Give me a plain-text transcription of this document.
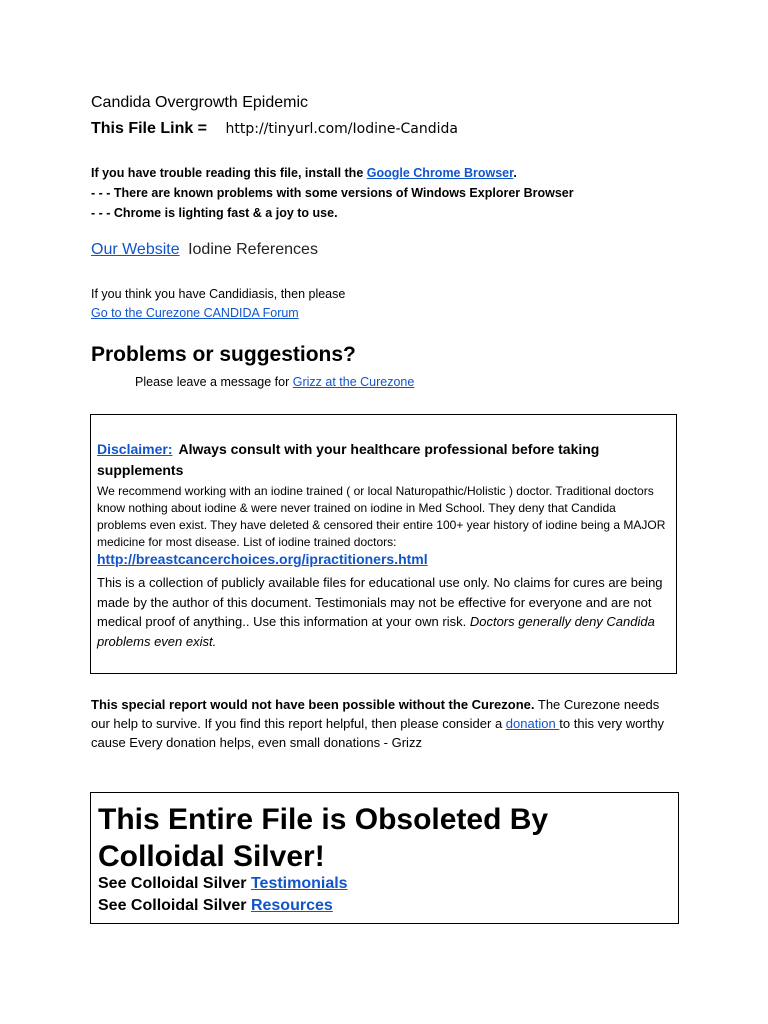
Candida Overgrowth Epidemic
This File Link = http://tinyurl.com/Iodine-Candida
If you have trouble reading this file, install the Google Chrome Browser.
- - - There are known problems with some versions of Windows Explorer Browser
- - - Chrome is lighting fast & a joy to use.
Our Website Iodine References
If you think you have Candidiasis, then please
Go to the Curezone CANDIDA Forum
Problems or suggestions?
Please leave a message for Grizz at the Curezone
Disclaimer: Always consult with your healthcare professional before taking supplements
We recommend working with an iodine trained ( or local Naturopathic/Holistic ) doctor. Traditional doctors know nothing about iodine & were never trained on iodine in Med School. They deny that Candida problems even exist. They have deleted & censored their entire 100+ year history of iodine being a MAJOR medicine for most disease. List of iodine trained doctors:
http://breastcancerchoices.org/ipractitioners.html
This is a collection of publicly available files for educational use only. No claims for cures are being made by the author of this document. Testimonials may not be effective for everyone and are not medical proof of anything.. Use this information at your own risk. Doctors generally deny Candida problems even exist.
This special report would not have been possible without the Curezone. The Curezone needs our help to survive. If you find this report helpful, then please consider a donation to this very worthy cause Every donation helps, even small donations - Grizz
This Entire File is Obsoleted By Colloidal Silver!
See Colloidal Silver Testimonials
See Colloidal Silver Resources
